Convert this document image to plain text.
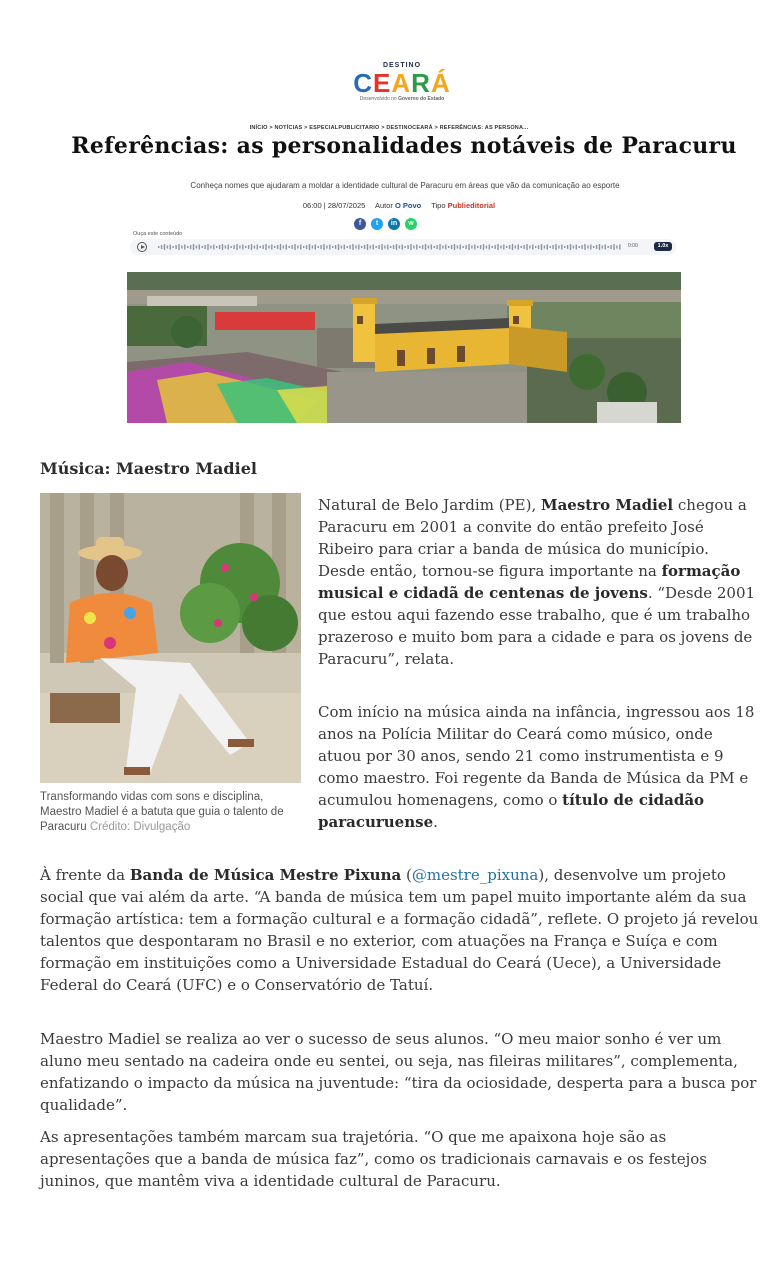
DESTINO
CEARÁ
Desenvolvido no Governo do Estado
INÍCIO > NOTÍCIAS > ESPECIALPUBLICITARIO > DESTINOCEARÁ > REFERÊNCIAS: AS PERSONA...
Referências: as personalidades notáveis de Paracuru
Conheça nomes que ajudaram a moldar a identidade cultural de Paracuru em áreas que vão da comunicação ao esporte
06:00 | 28/07/2025 Autor O Povo Tipo Publieditorial
f t in w
Ouça este conteúdo
0:00	1.0x
Música: Maestro Madiel
Transformando vidas com sons e disciplina, Maestro Madiel é a batuta que guia o talento de Paracuru Crédito: Divulgação
Natural de Belo Jardim (PE), Maestro Madiel chegou a Paracuru em 2001 a convite do então prefeito José Ribeiro para criar a banda de música do município. Desde então, tornou-se figura importante na formação musical e cidadã de centenas de jovens. “Desde 2001 que estou aqui fazendo esse trabalho, que é um trabalho prazeroso e muito bom para a cidade e para os jovens de Paracuru”, relata.
Com início na música ainda na infância, ingressou aos 18 anos na Polícia Militar do Ceará como músico, onde atuou por 30 anos, sendo 21 como instrumentista e 9 como maestro. Foi regente da Banda de Música da PM e acumulou homenagens, como o título de cidadão paracuruense.
À frente da Banda de Música Mestre Pixuna (@mestre_pixuna), desenvolve um projeto social que vai além da arte. “A banda de música tem um papel muito importante além da sua formação artística: tem a formação cultural e a formação cidadã”, reflete. O projeto já revelou talentos que despontaram no Brasil e no exterior, com atuações na França e Suíça e com formação em instituições como a Universidade Estadual do Ceará (Uece), a Universidade Federal do Ceará (UFC) e o Conservatório de Tatuí.
Maestro Madiel se realiza ao ver o sucesso de seus alunos. “O meu maior sonho é ver um aluno meu sentado na cadeira onde eu sentei, ou seja, nas fileiras militares”, complementa, enfatizando o impacto da música na juventude: “tira da ociosidade, desperta para a busca por qualidade”.
As apresentações também marcam sua trajetória. “O que me apaixona hoje são as apresentações que a banda de música faz”, como os tradicionais carnavais e os festejos juninos, que mantêm viva a identidade cultural de Paracuru.
